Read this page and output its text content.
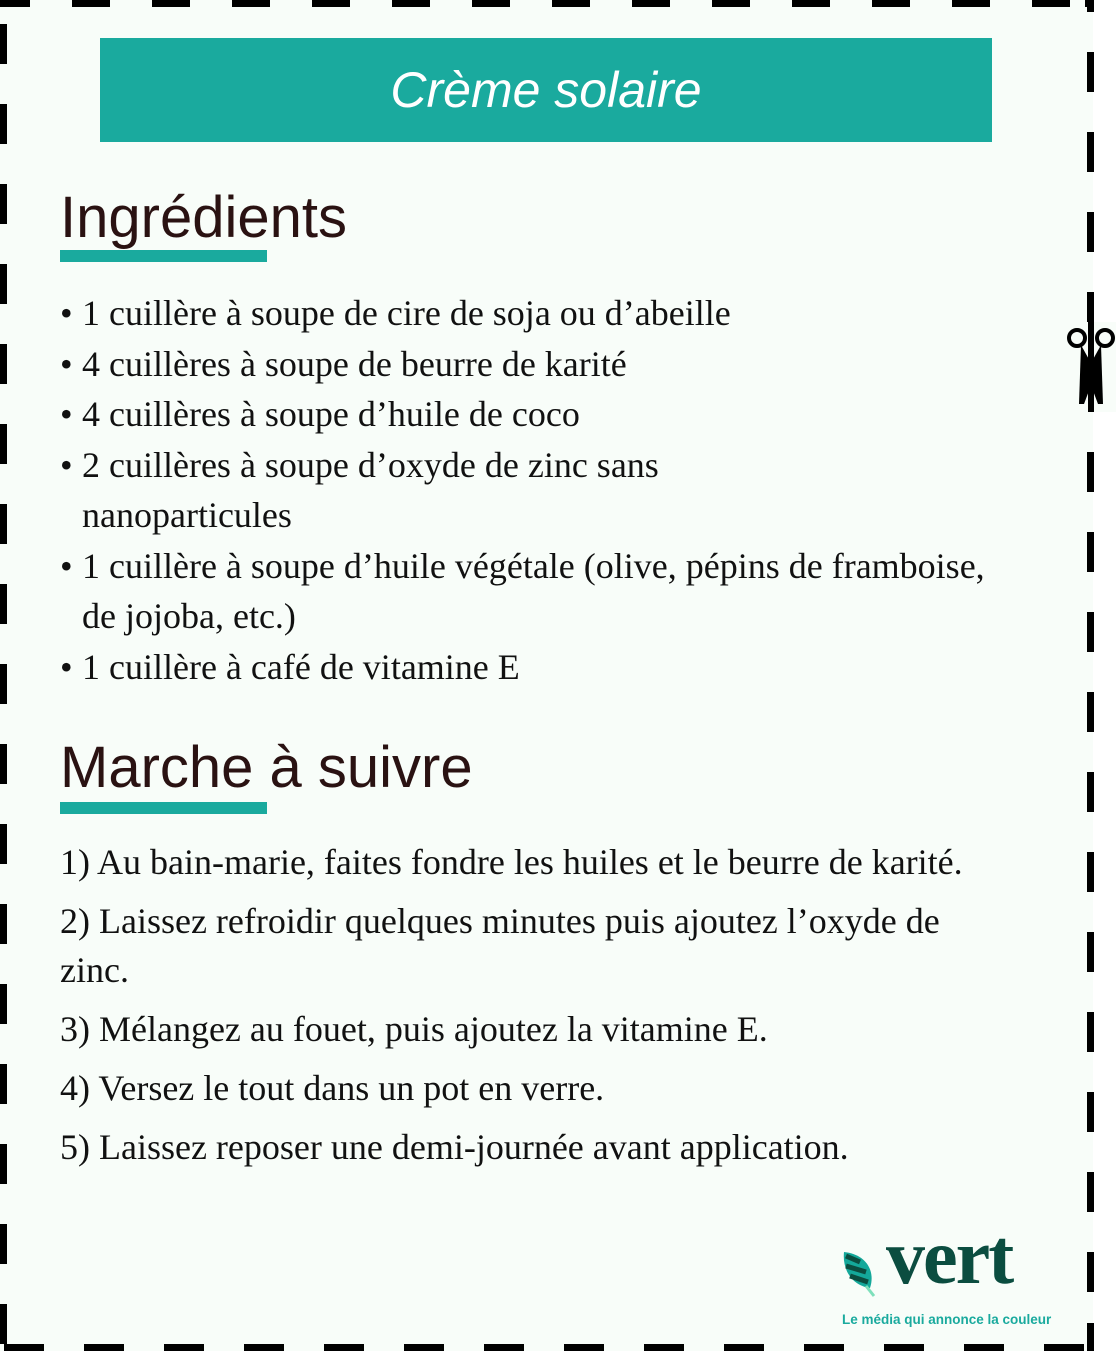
Crème solaire
Ingrédients
• 1 cuillère à soupe de cire de soja ou d’abeille
• 4 cuillères à soupe de beurre de karité
• 4 cuillères à soupe d’huile de coco
• 2 cuillères à soupe d’oxyde de zinc sans nanoparticules
• 1 cuillère à soupe d’huile végétale (olive, pépins de framboise, de jojoba, etc.)
• 1 cuillère à café de vitamine E
Marche à suivre
1) Au bain-marie, faites fondre les huiles et le beurre de karité.
2) Laissez refroidir quelques minutes puis ajoutez l’oxyde de zinc.
3) Mélangez au fouet, puis ajoutez la vitamine E.
4) Versez le tout dans un pot en verre.
5) Laissez reposer une demi-journée avant application.
vert
Le média qui annonce la couleur
